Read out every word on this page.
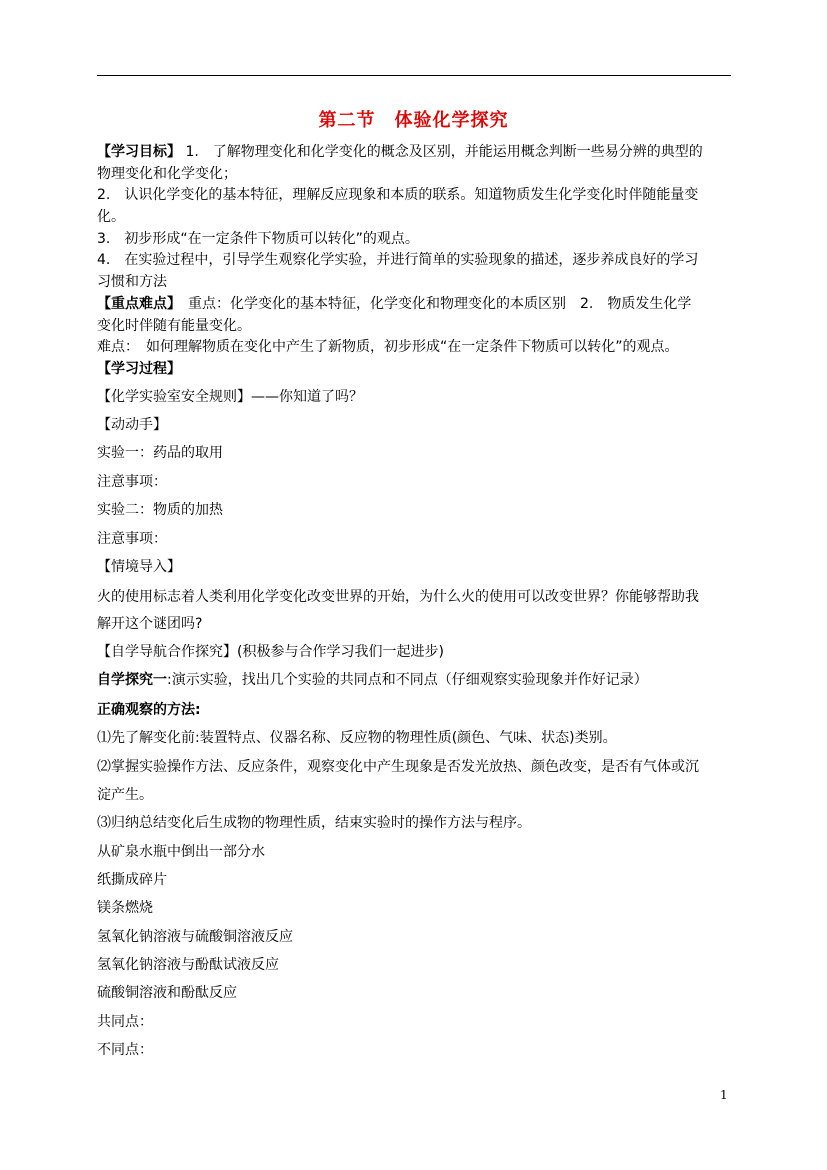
第二节　体验化学探究
【学习目标】 1.　了解物理变化和化学变化的概念及区别，并能运用概念判断一些易分辨的典型的
物理变化和化学变化；
2.　认识化学变化的基本特征，理解反应现象和本质的联系。知道物质发生化学变化时伴随能量变
化。
3.　初步形成“在一定条件下物质可以转化”的观点。
4.　在实验过程中，引导学生观察化学实验，并进行简单的实验现象的描述，逐步养成良好的学习
习惯和方法
【重点难点】　 重点：化学变化的基本特征，化学变化和物理变化的本质区别　2.　物质发生化学
变化时伴随有能量变化。
难点：　如何理解物质在变化中产生了新物质，初步形成“在一定条件下物质可以转化”的观点。
【学习过程】
【化学实验室安全规则】——你知道了吗？
【动动手】
实验一：药品的取用
注意事项：
实验二：物质的加热
注意事项：
【情境导入】
火的使用标志着人类利用化学变化改变世界的开始，为什么火的使用可以改变世界？你能够帮助我
解开这个谜团吗?
【自学导航合作探究】(积极参与合作学习我们一起进步)
自学探究一:演示实验，找出几个实验的共同点和不同点（仔细观察实验现象并作好记录）
正确观察的方法:
⑴先了解变化前:装置特点、仪器名称、反应物的物理性质(颜色、气味、状态)类别。
⑵掌握实验操作方法、反应条件，观察变化中产生现象是否发光放热、颜色改变，是否有气体或沉
淀产生。
⑶归纳总结变化后生成物的物理性质，结束实验时的操作方法与程序。
从矿泉水瓶中倒出一部分水
纸撕成碎片
镁条燃烧
氢氧化钠溶液与硫酸铜溶液反应
氢氧化钠溶液与酚酞试液反应
硫酸铜溶液和酚酞反应
共同点：
不同点：
1
